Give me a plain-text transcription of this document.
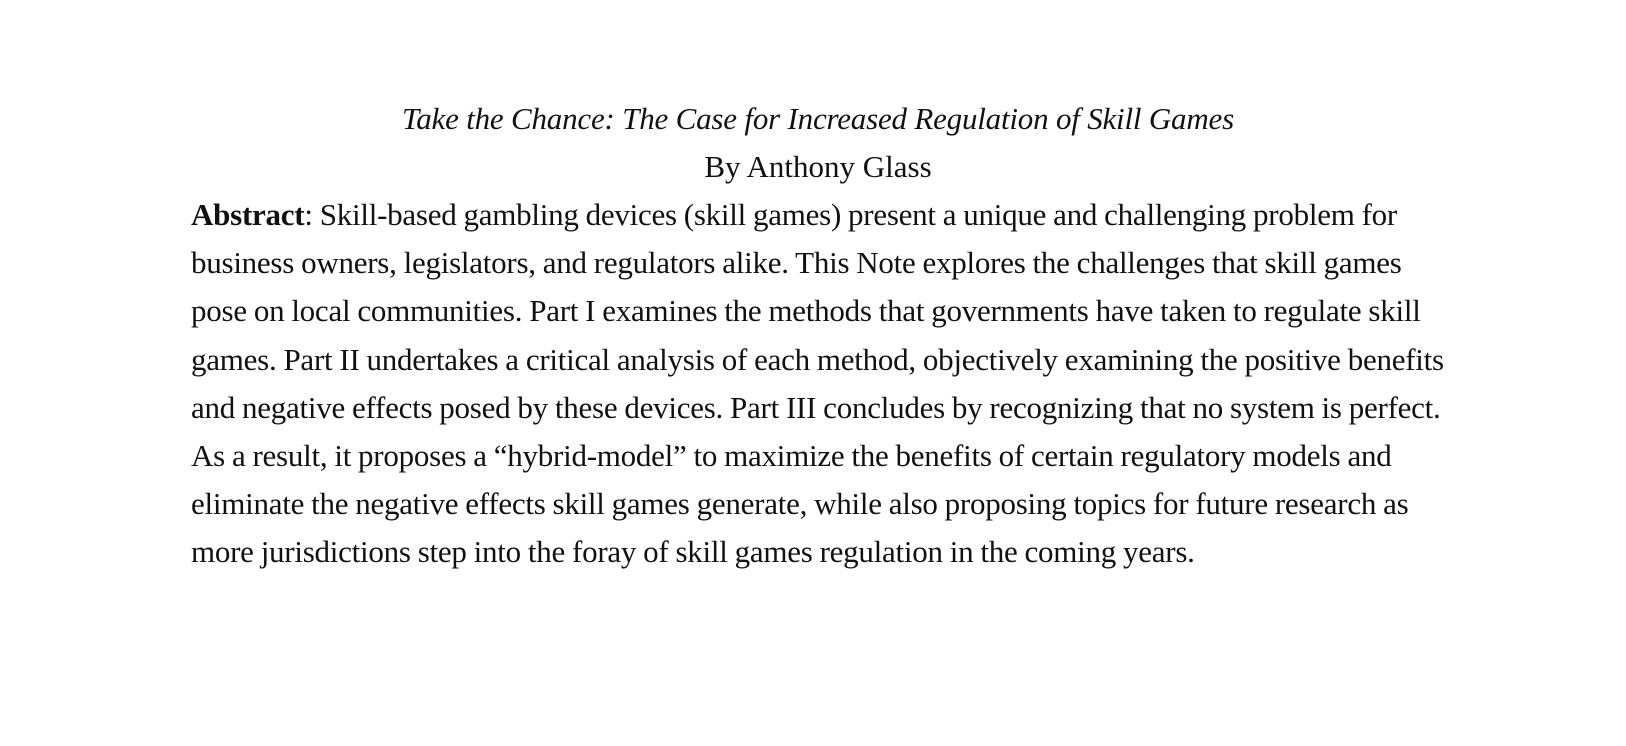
Take the Chance: The Case for Increased Regulation of Skill Games
By Anthony Glass

Abstract: Skill-based gambling devices (skill games) present a unique and challenging problem for business owners, legislators, and regulators alike. This Note explores the challenges that skill games pose on local communities. Part I examines the methods that governments have taken to regulate skill games. Part II undertakes a critical analysis of each method, objectively examining the positive benefits and negative effects posed by these devices. Part III concludes by recognizing that no system is perfect. As a result, it proposes a “hybrid-model” to maximize the benefits of certain regulatory models and eliminate the negative effects skill games generate, while also proposing topics for future research as more jurisdictions step into the foray of skill games regulation in the coming years.
